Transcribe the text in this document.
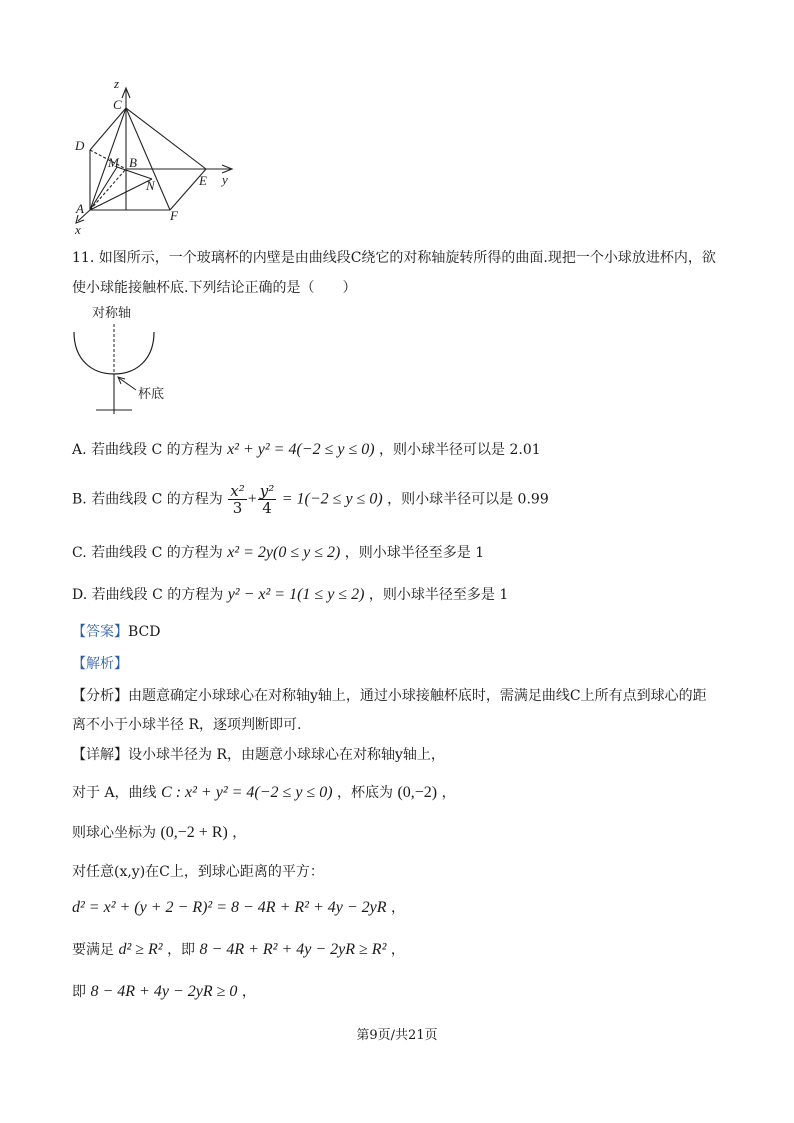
z
C
D
M B
N	E y
A	F
x
11. 如图所示，一个玻璃杯的内壁是由曲线段C绕它的对称轴旋转所得的曲面.现把一个小球放进杯内，欲
使小球能接触杯底.下列结论正确的是（　　）
对称轴
杯底
A. 若曲线段 C 的方程为 x² + y² = 4(−2 ≤ y ≤ 0) ，则小球半径可以是 2.01
B. 若曲线段 C 的方程为 $\frac{\text{x²}}{3} + \frac{\text{y²}}{4} = 1(-2 \le y \le 0)$ ，则小球半径可以是 0.99
C. 若曲线段 C 的方程为 x² = 2y(0 ≤ y ≤ 2) ，则小球半径至多是 1
D. 若曲线段 C 的方程为 y² − x² = 1(1 ≤ y ≤ 2) ，则小球半径至多是 1
【答案】BCD
【解析】
【分析】由题意确定小球球心在对称轴y轴上，通过小球接触杯底时，需满足曲线C上所有点到球心的距
离不小于小球半径 R，逐项判断即可.
【详解】设小球半径为 R，由题意小球球心在对称轴y轴上，
对于 A，曲线 C : x² + y² = 4(−2 ≤ y ≤ 0) ，杯底为 (0,−2) ，
则球心坐标为 (0,−2 + R) ，
对任意(x,y)在C上，到球心距离的平方：
d² = x² + (y + 2 − R)² = 8 − 4R + R² + 4y − 2yR ，
要满足 d² ≥ R² ，即 8 − 4R + R² + 4y − 2yR ≥ R² ，
即 8 − 4R + 4y − 2yR ≥ 0 ，
第9页/共21页
